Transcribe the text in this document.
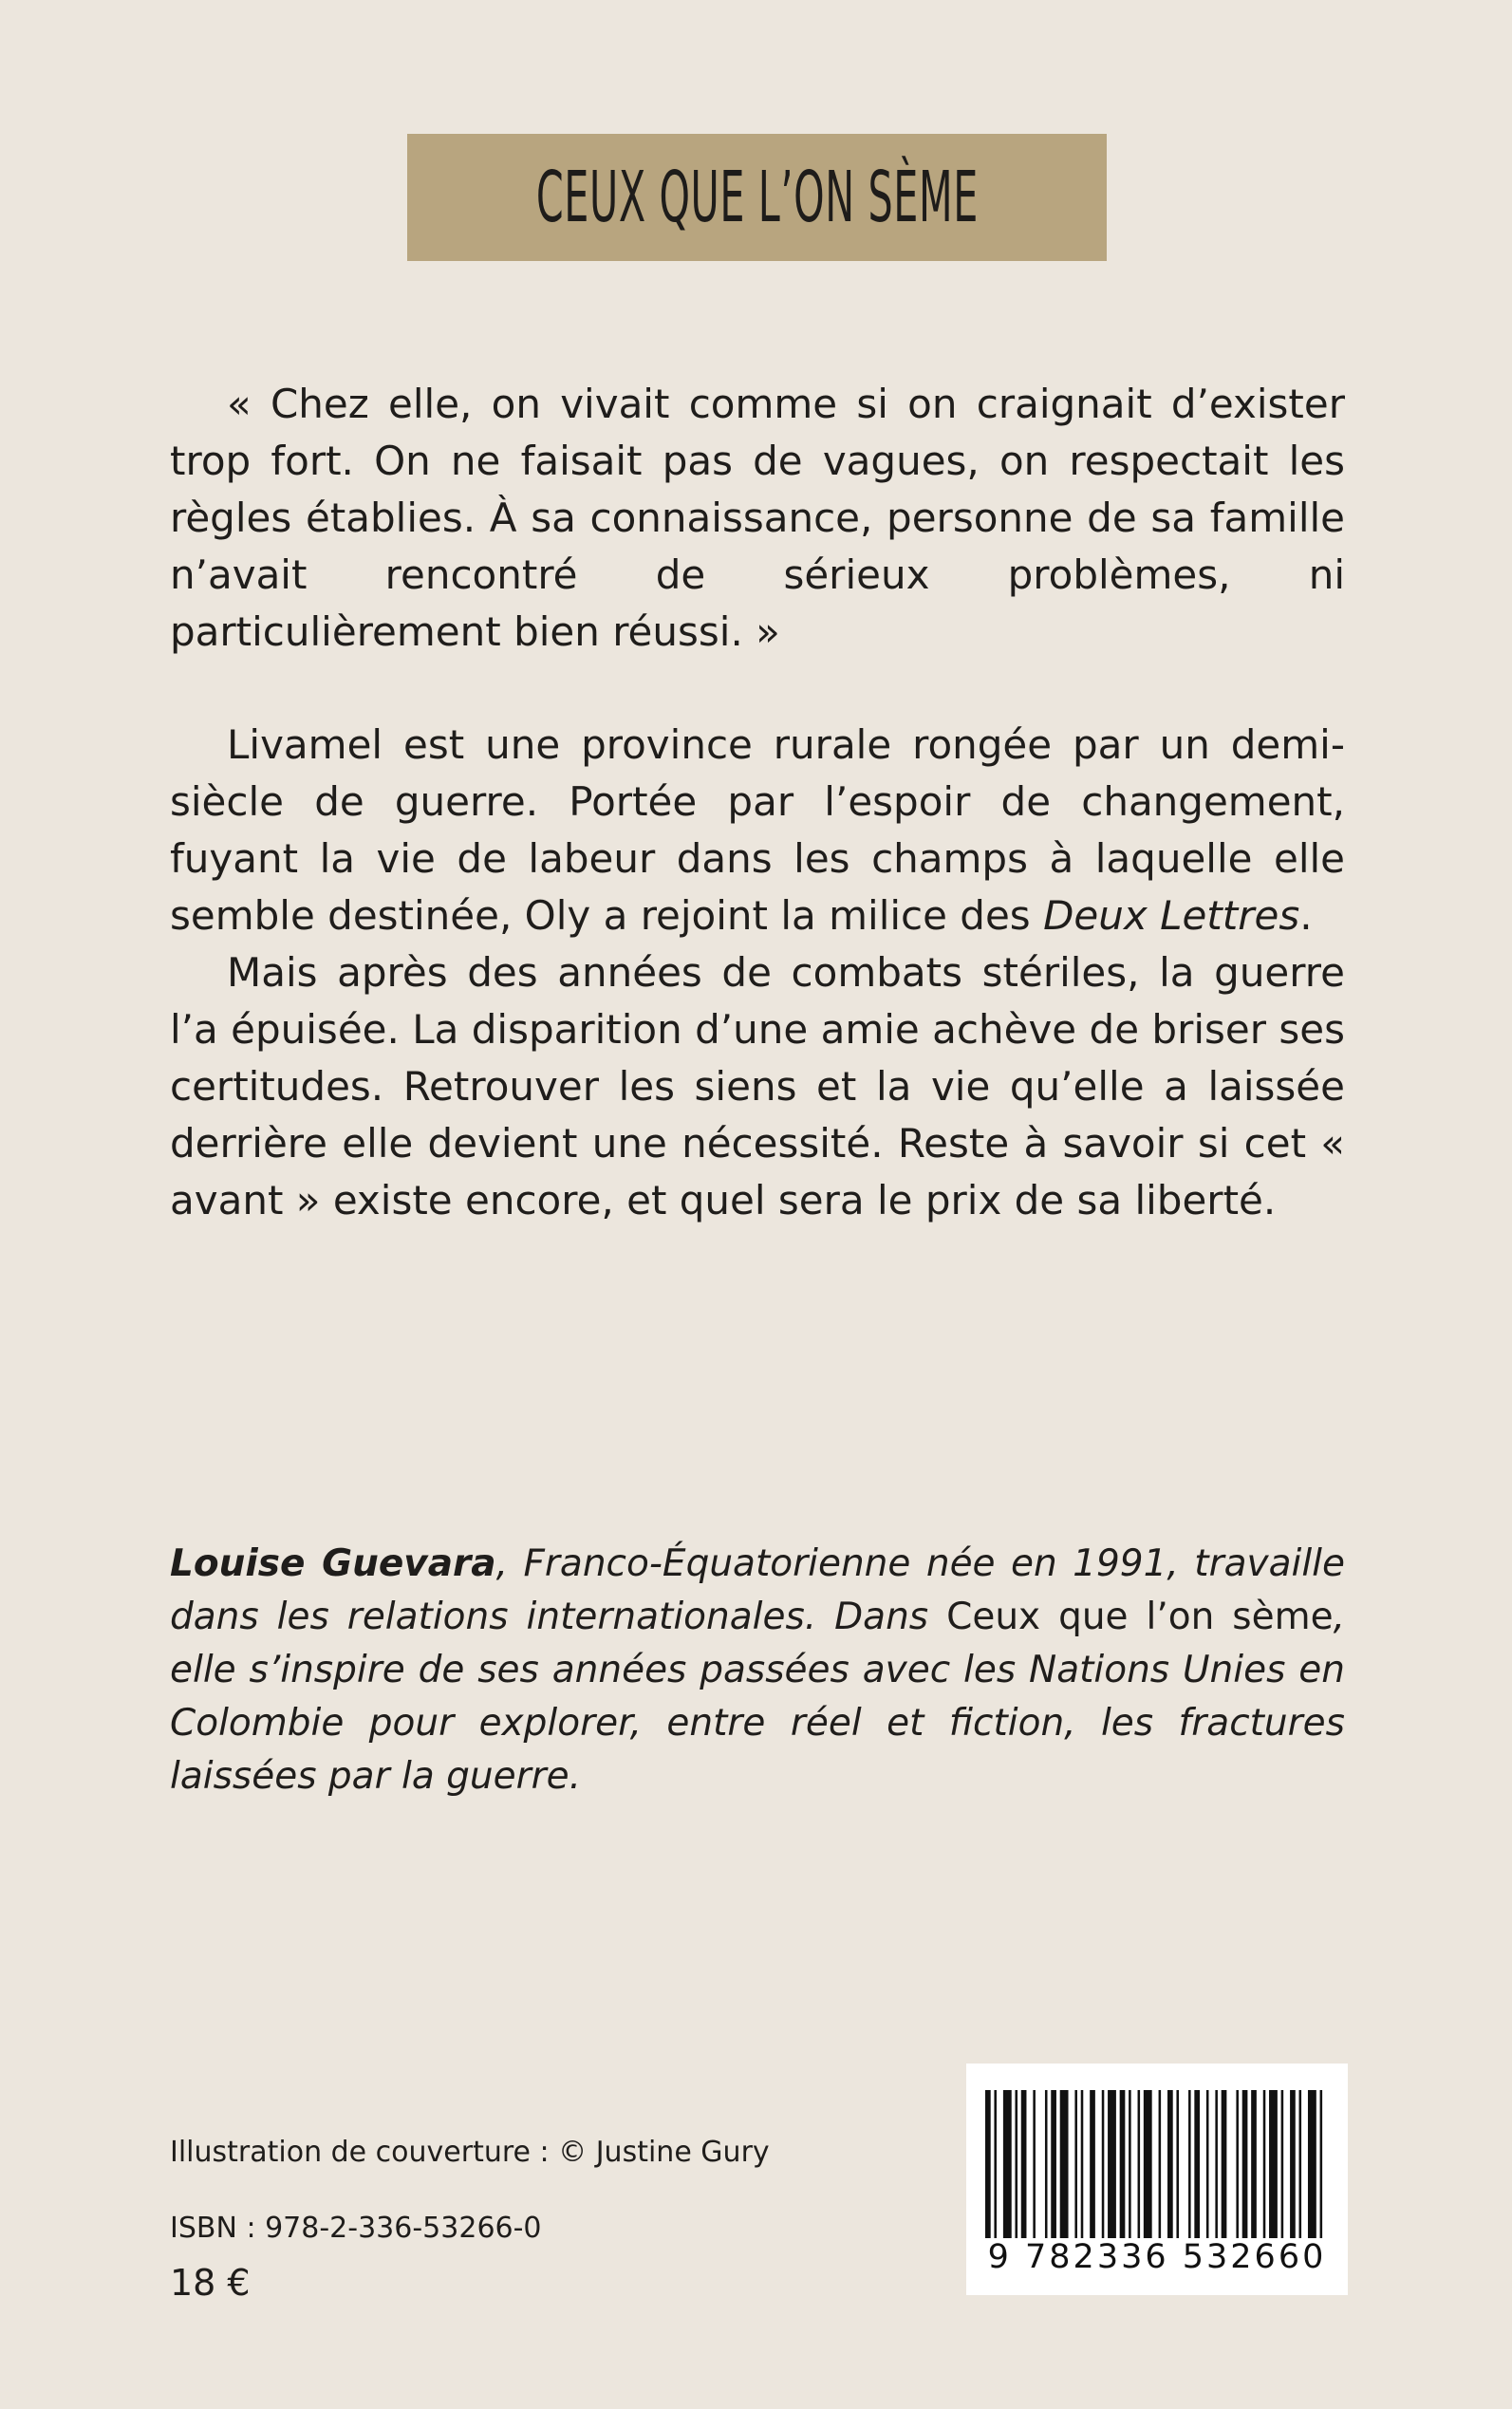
CEUX QUE L’ON SÈME

« Chez elle, on vivait comme si on craignait d’exister trop fort. On ne faisait pas de vagues, on respectait les règles établies. À sa connaissance, personne de sa famille n’avait rencontré de sérieux problèmes, ni particulièrement bien réussi. »

Livamel est une province rurale rongée par un demi-siècle de guerre. Portée par l’espoir de changement, fuyant la vie de labeur dans les champs à laquelle elle semble destinée, Oly a rejoint la milice des Deux Lettres.

Mais après des années de combats stériles, la guerre l’a épuisée. La disparition d’une amie achève de briser ses certitudes. Retrouver les siens et la vie qu’elle a laissée derrière elle devient une nécessité. Reste à savoir si cet « avant » existe encore, et quel sera le prix de sa liberté.

Louise Guevara, Franco-Équatorienne née en 1991, travaille dans les relations internationales. Dans Ceux que l’on sème, elle s’inspire de ses années passées avec les Nations Unies en Colombie pour explorer, entre réel et fiction, les fractures laissées par la guerre.

Illustration de couverture : © Justine Gury

ISBN : 978-2-336-53266-0

18 €

9 782336 532660
